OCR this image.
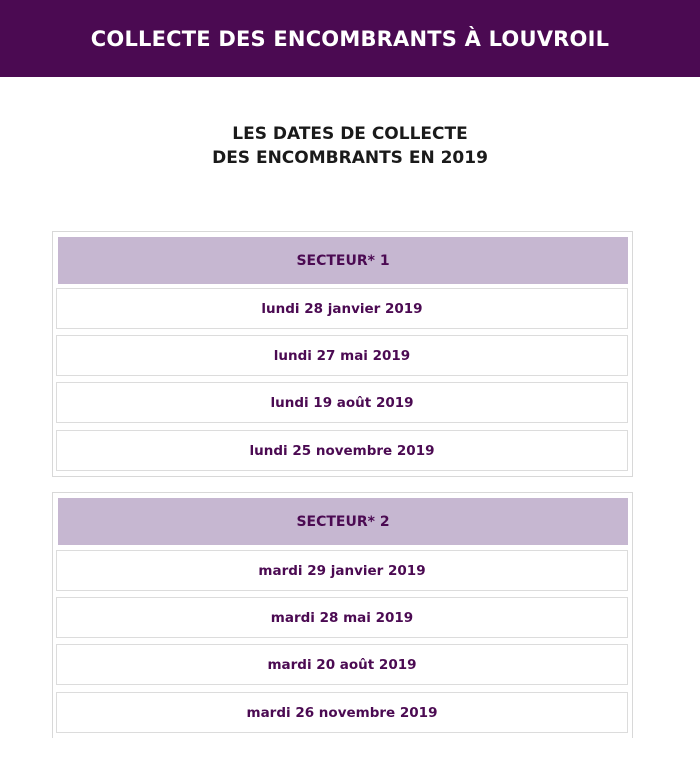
COLLECTE DES ENCOMBRANTS À LOUVROIL
LES DATES DE COLLECTE
DES ENCOMBRANTS EN 2019
SECTEUR* 1
lundi 28 janvier 2019
lundi 27 mai 2019
lundi 19 août 2019
lundi 25 novembre 2019
SECTEUR* 2
mardi 29 janvier 2019
mardi 28 mai 2019
mardi 20 août 2019
mardi 26 novembre 2019
